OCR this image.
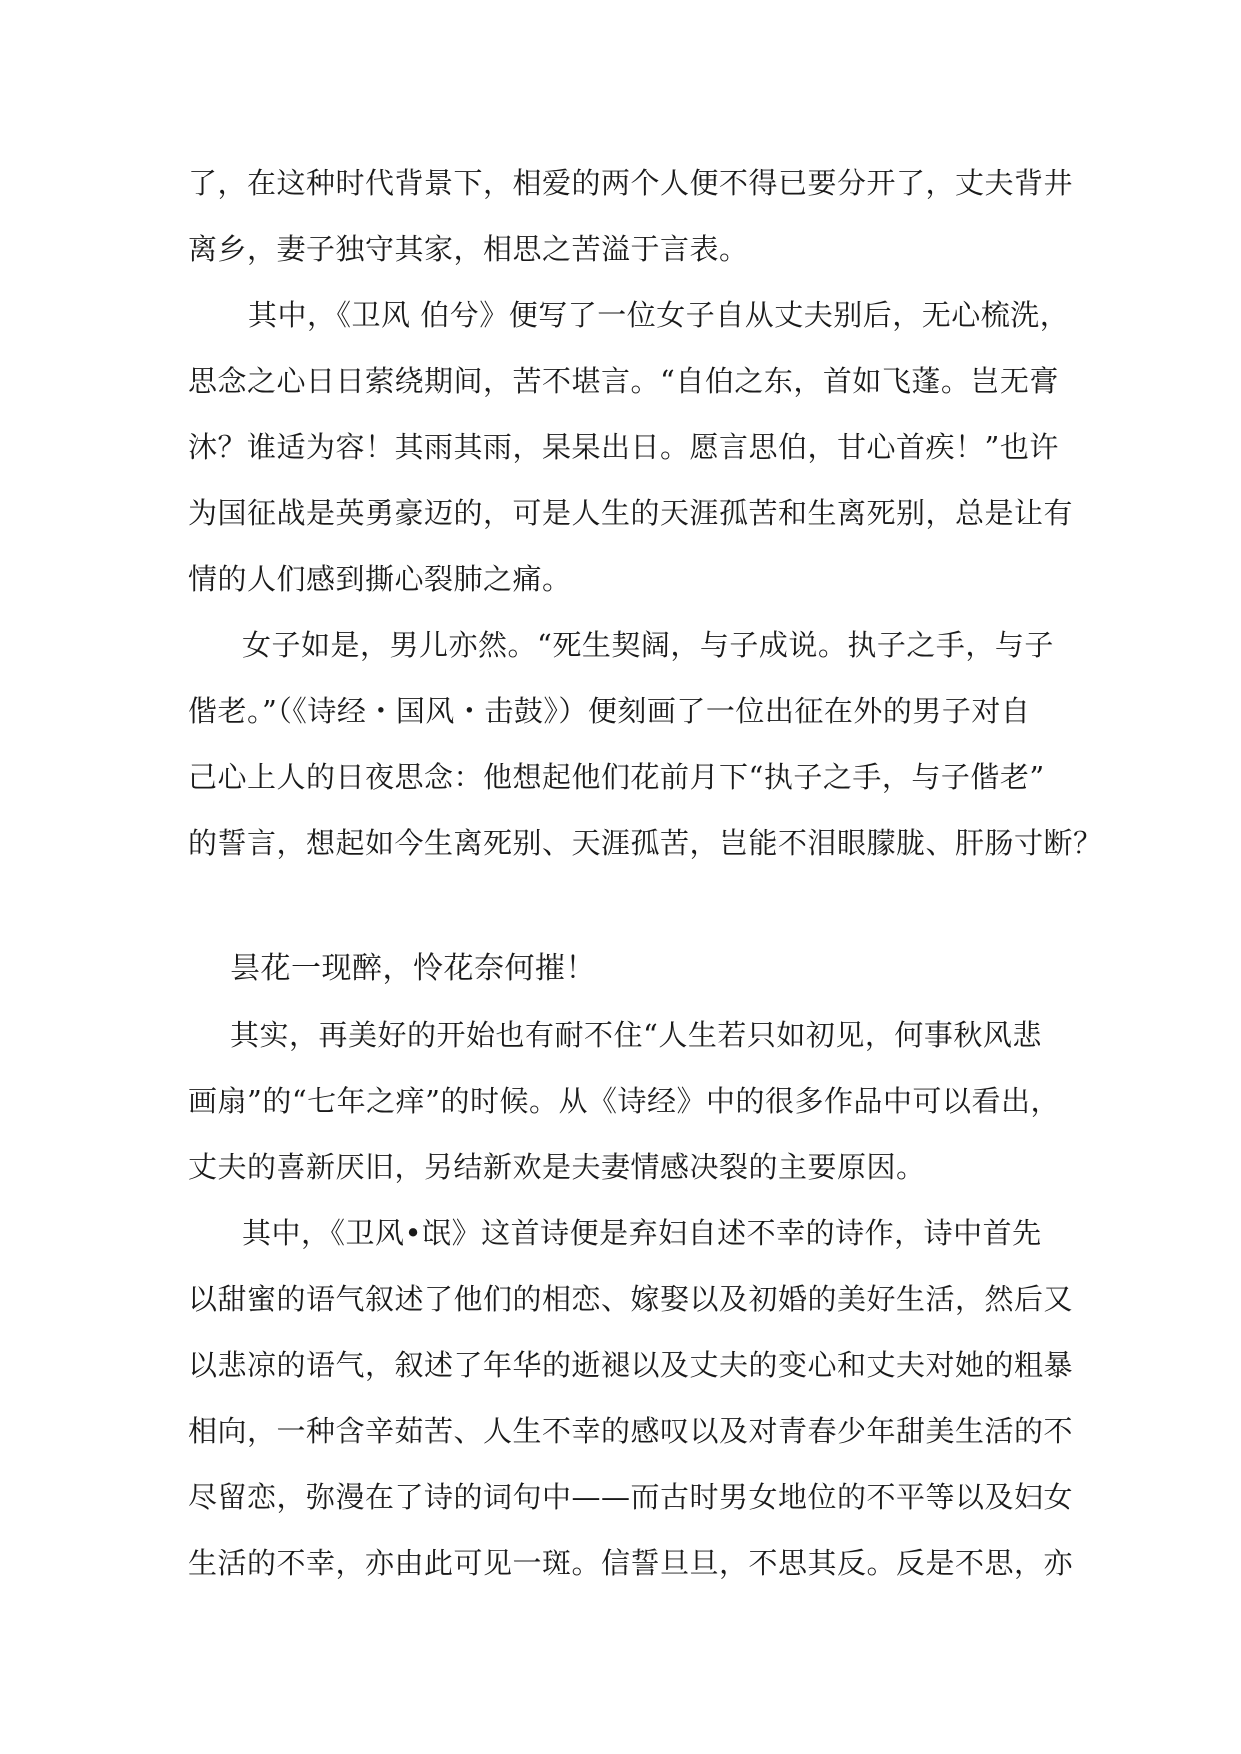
了，在这种时代背景下，相爱的两个人便不得已要分开了，丈夫背井
离乡，妻子独守其家，相思之苦溢于言表。
其中，《卫风 伯兮》便写了一位女子自从丈夫别后，无心梳洗，
思念之心日日萦绕期间，苦不堪言。“自伯之东，首如飞蓬。岂无膏
沐？谁适为容！其雨其雨，杲杲出日。愿言思伯，甘心首疾！”也许
为国征战是英勇豪迈的，可是人生的天涯孤苦和生离死别，总是让有
情的人们感到撕心裂肺之痛。
女子如是，男儿亦然。“死生契阔，与子成说。执子之手，与子
偕老。”（《诗经・国风・击鼓》）便刻画了一位出征在外的男子对自
己心上人的日夜思念：他想起他们花前月下“执子之手，与子偕老”
的誓言，想起如今生离死别、天涯孤苦，岂能不泪眼朦胧、肝肠寸断？
昙花一现醉，怜花奈何摧！
其实，再美好的开始也有耐不住“人生若只如初见，何事秋风悲
画扇”的“七年之痒”的时候。从《诗经》中的很多作品中可以看出，
丈夫的喜新厌旧，另结新欢是夫妻情感决裂的主要原因。
其中，《卫风•氓》这首诗便是弃妇自述不幸的诗作，诗中首先
以甜蜜的语气叙述了他们的相恋、嫁娶以及初婚的美好生活，然后又
以悲凉的语气，叙述了年华的逝褪以及丈夫的变心和丈夫对她的粗暴
相向，一种含辛茹苦、人生不幸的感叹以及对青春少年甜美生活的不
尽留恋，弥漫在了诗的词句中——而古时男女地位的不平等以及妇女
生活的不幸，亦由此可见一斑。信誓旦旦，不思其反。反是不思，亦
